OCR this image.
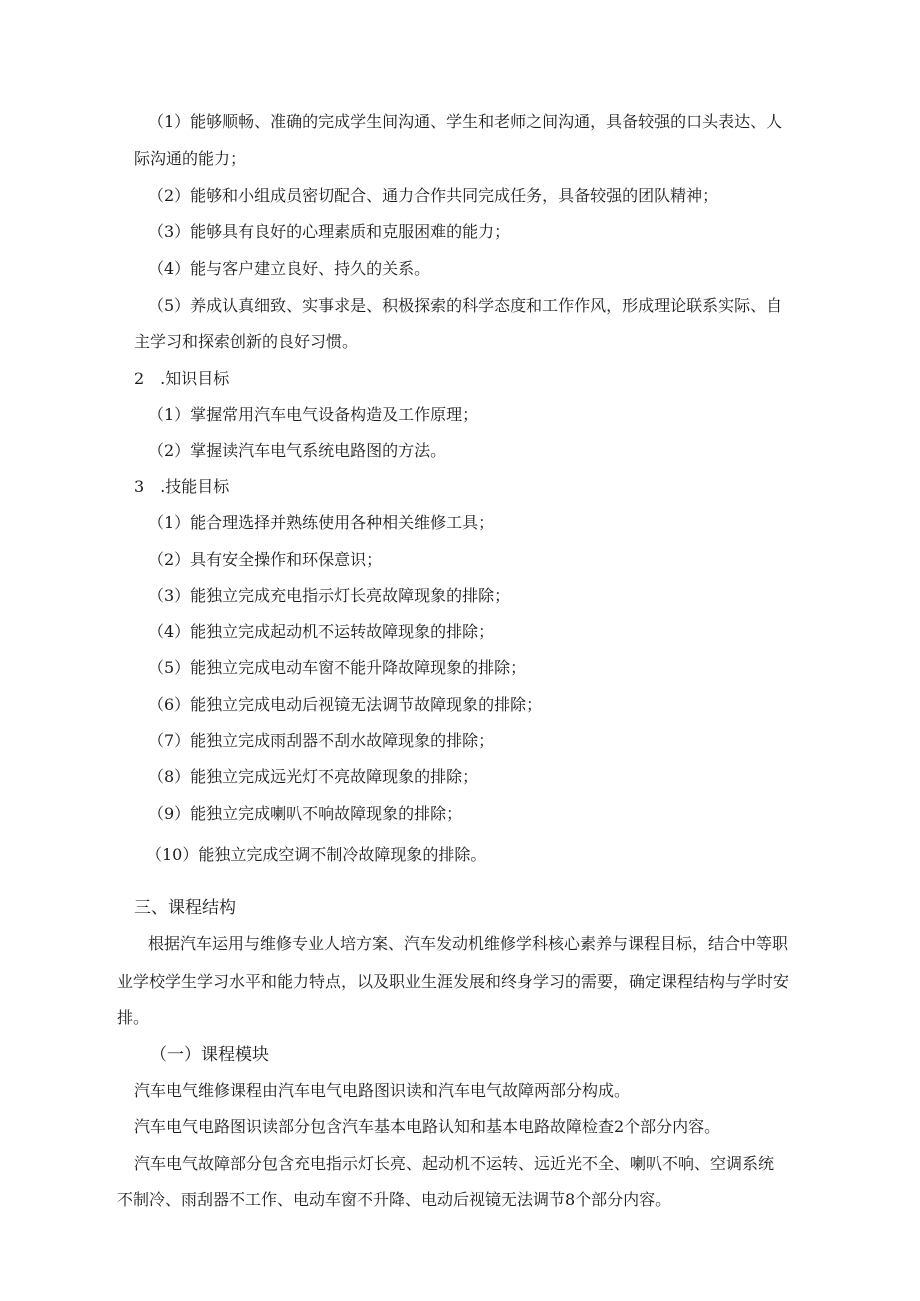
（1）能够顺畅、准确的完成学生间沟通、学生和老师之间沟通，具备较强的口头表达、人
际沟通的能力；
（2）能够和小组成员密切配合、通力合作共同完成任务，具备较强的团队精神；
（3）能够具有良好的心理素质和克服困难的能力；
（4）能与客户建立良好、持久的关系。
（5）养成认真细致、实事求是、积极探索的科学态度和工作作风，形成理论联系实际、自
主学习和探索创新的良好习惯。
2　.知识目标
（1）掌握常用汽车电气设备构造及工作原理；
（2）掌握读汽车电气系统电路图的方法。
3　.技能目标
（1）能合理选择并熟练使用各种相关维修工具；
（2）具有安全操作和环保意识；
（3）能独立完成充电指示灯长亮故障现象的排除；
（4）能独立完成起动机不运转故障现象的排除；
（5）能独立完成电动车窗不能升降故障现象的排除；
（6）能独立完成电动后视镜无法调节故障现象的排除；
（7）能独立完成雨刮器不刮水故障现象的排除；
（8）能独立完成远光灯不亮故障现象的排除；
（9）能独立完成喇叭不响故障现象的排除；
（10）能独立完成空调不制冷故障现象的排除。
三、课程结构
根据汽车运用与维修专业人培方案、汽车发动机维修学科核心素养与课程目标，结合中等职
业学校学生学习水平和能力特点，以及职业生涯发展和终身学习的需要，确定课程结构与学时安
排。
（一）课程模块
汽车电气维修课程由汽车电气电路图识读和汽车电气故障两部分构成。
汽车电气电路图识读部分包含汽车基本电路认知和基本电路故障检查2个部分内容。
汽车电气故障部分包含充电指示灯长亮、起动机不运转、远近光不全、喇叭不响、空调系统
不制冷、雨刮器不工作、电动车窗不升降、电动后视镜无法调节8个部分内容。
